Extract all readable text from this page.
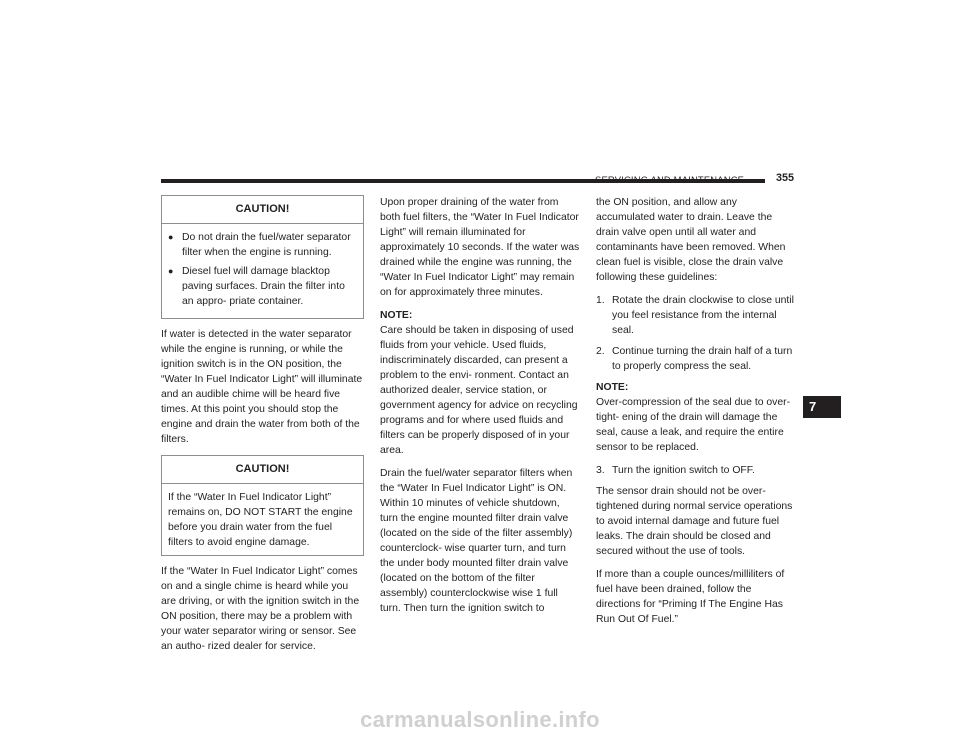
SERVICING AND MAINTENANCE	355
CAUTION!
● Do not drain the fuel/water separator filter when the engine is running.
● Diesel fuel will damage blacktop paving surfaces. Drain the filter into an appro- priate container.

If water is detected in the water separator while the engine is running, or while the ignition switch is in the ON position, the “Water In Fuel Indicator Light” will illuminate and an audible chime will be heard five times. At this point you should stop the engine and drain the water from both of the filters.

CAUTION!
If the “Water In Fuel Indicator Light” remains on, DO NOT START the engine before you drain water from the fuel filters to avoid engine damage.

If the “Water In Fuel Indicator Light” comes on and a single chime is heard while you are driving, or with the ignition switch in the ON position, there may be a problem with your water separator wiring or sensor. See an autho- rized dealer for service.

Upon proper draining of the water from both fuel filters, the “Water In Fuel Indicator Light” will remain illuminated for approximately 10 seconds. If the water was drained while the engine was running, the “Water In Fuel Indicator Light” may remain on for approximately three minutes.

NOTE:
Care should be taken in disposing of used fluids from your vehicle. Used fluids, indiscriminately discarded, can present a problem to the envi- ronment. Contact an authorized dealer, service station, or government agency for advice on recycling programs and for where used fluids and filters can be properly disposed of in your area.

Drain the fuel/water separator filters when the “Water In Fuel Indicator Light” is ON. Within 10 minutes of vehicle shutdown, turn the engine mounted filter drain valve (located on the side of the filter assembly) counterclock- wise quarter turn, and turn the under body mounted filter drain valve (located on the bottom of the filter assembly) counterclockwise wise 1 full turn. Then turn the ignition switch to

the ON position, and allow any accumulated water to drain. Leave the drain valve open until all water and contaminants have been removed. When clean fuel is visible, close the drain valve following these guidelines:

1. Rotate the drain clockwise to close until you feel resistance from the internal seal.
2. Continue turning the drain half of a turn to properly compress the seal.

NOTE:
Over-compression of the seal due to over-tight- ening of the drain will damage the seal, cause a leak, and require the entire sensor to be replaced.

3. Turn the ignition switch to OFF.

The sensor drain should not be over-tightened during normal service operations to avoid internal damage and future fuel leaks. The drain should be closed and secured without the use of tools.

If more than a couple ounces/milliliters of fuel have been drained, follow the directions for “Priming If The Engine Has Run Out Of Fuel.”

7
carmanualsonline.info
